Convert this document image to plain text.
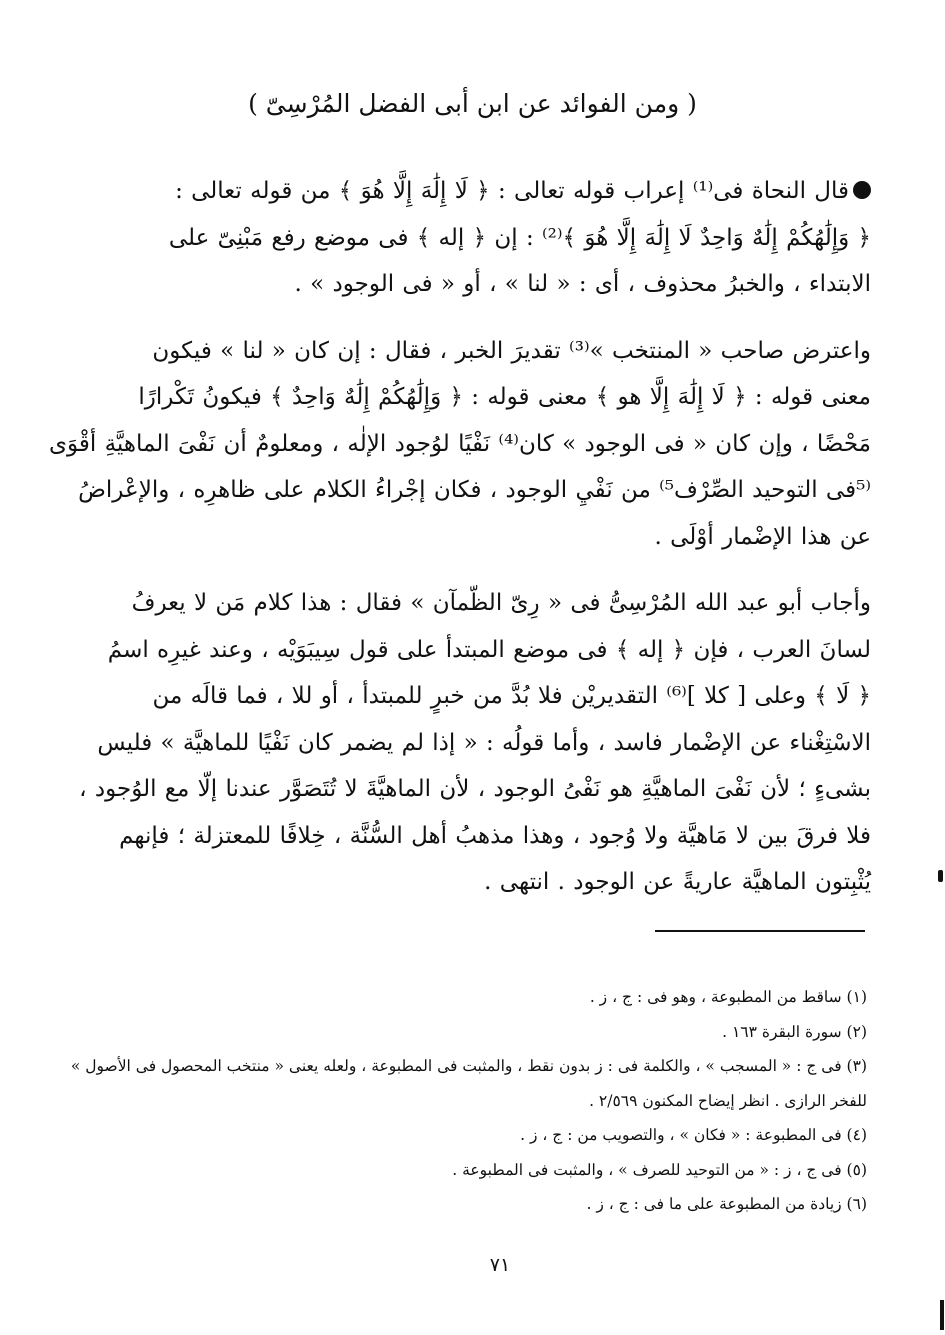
( ومن الفوائد عن ابن أبى الفضل المُرْسِىّ )

قال النحاة فى⁠⁽¹⁾ إعراب قوله تعالى : ﴿ لَا إِلَٰهَ إِلَّا هُوَ ﴾ من قوله تعالى :
﴿ وَإِلَٰهُكُمْ إِلَٰهٌ وَاحِدٌ لَا إِلَٰهَ إِلَّا هُوَ ﴾⁽²⁾ : إن ﴿ إله ﴾ فى موضع رفع مَبْنِىّ على
الابتداء ، والخبرُ محذوف ، أى : « لنا » ، أو « فى الوجود » .

واعترض صاحب « المنتخب »⁽³⁾ تقديرَ الخبر ، فقال : إن كان « لنا » فيكون
معنى قوله : ﴿ لَا إِلَٰهَ إِلَّا هو ﴾ معنى قوله : ﴿ وَإِلَٰهُكُمْ إِلَٰهٌ وَاحِدٌ ﴾ فيكونُ تَكْرارًا
مَحْضًا ، وإن كان « فى الوجود » كان⁽⁴⁾ نَفْيًا لوُجود الإلٰه ، ومعلومٌ أن نَفْىَ الماهيَّةِ أقْوَى
⁽⁵فى التوحيد الصِّرْف⁵⁾ من نَفْيِ الوجود ، فكان إجْراءُ الكلام على ظاهرِه ، والإعْراضُ
عن هذا الإضْمار أوْلَى .

وأجاب أبو عبد الله المُرْسِىُّ فى « رِىّ الظّمآن » فقال : هذا كلام مَن لا يعرفُ
لسانَ العرب ، فإن ﴿ إله ﴾ فى موضع المبتدأ على قول سِيبَوَيْه ، وعند غيرِه اسمُ
﴿ لَا ﴾ وعلى [ كلا ]⁽⁶⁾ التقديريْن فلا بُدَّ من خبرٍ للمبتدأ ، أو للا ، فما قالَه من
الاسْتِغْناء عن الإضْمار فاسد ، وأما قولُه : « إذا لم يضمر كان نَفْيًا للماهيَّة » فليس
بشىءٍ ؛ لأن نَفْىَ الماهيَّةِ هو نَفْىُ الوجود ، لأن الماهيَّةَ لا تُتَصَوَّر عندنا إلّا مع الوُجود ،
فلا فرقَ بين لا مَاهيَّة ولا وُجود ، وهذا مذهبُ أهل السُّنَّة ، خِلافًا للمعتزلة ؛ فإنهم
يُثْبِتون الماهيَّة عاريةً عن الوجود . انتهى .

(١) ساقط من المطبوعة ، وهو فى : ج ، ز .
(٢) سورة البقرة ١٦٣ .
(٣) فى ج : « المسجب » ، والكلمة فى : ز بدون نقط ، والمثبت فى المطبوعة ، ولعله يعنى « منتخب المحصول فى الأصول » للفخر الرازى . انظر إيضاح المكنون ٢/٥٦٩ .
(٤) فى المطبوعة : « فكان » ، والتصويب من : ج ، ز .
(٥) فى ج ، ز : « من التوحيد للصرف » ، والمثبت فى المطبوعة .
(٦) زيادة من المطبوعة على ما فى : ج ، ز .
٧١
